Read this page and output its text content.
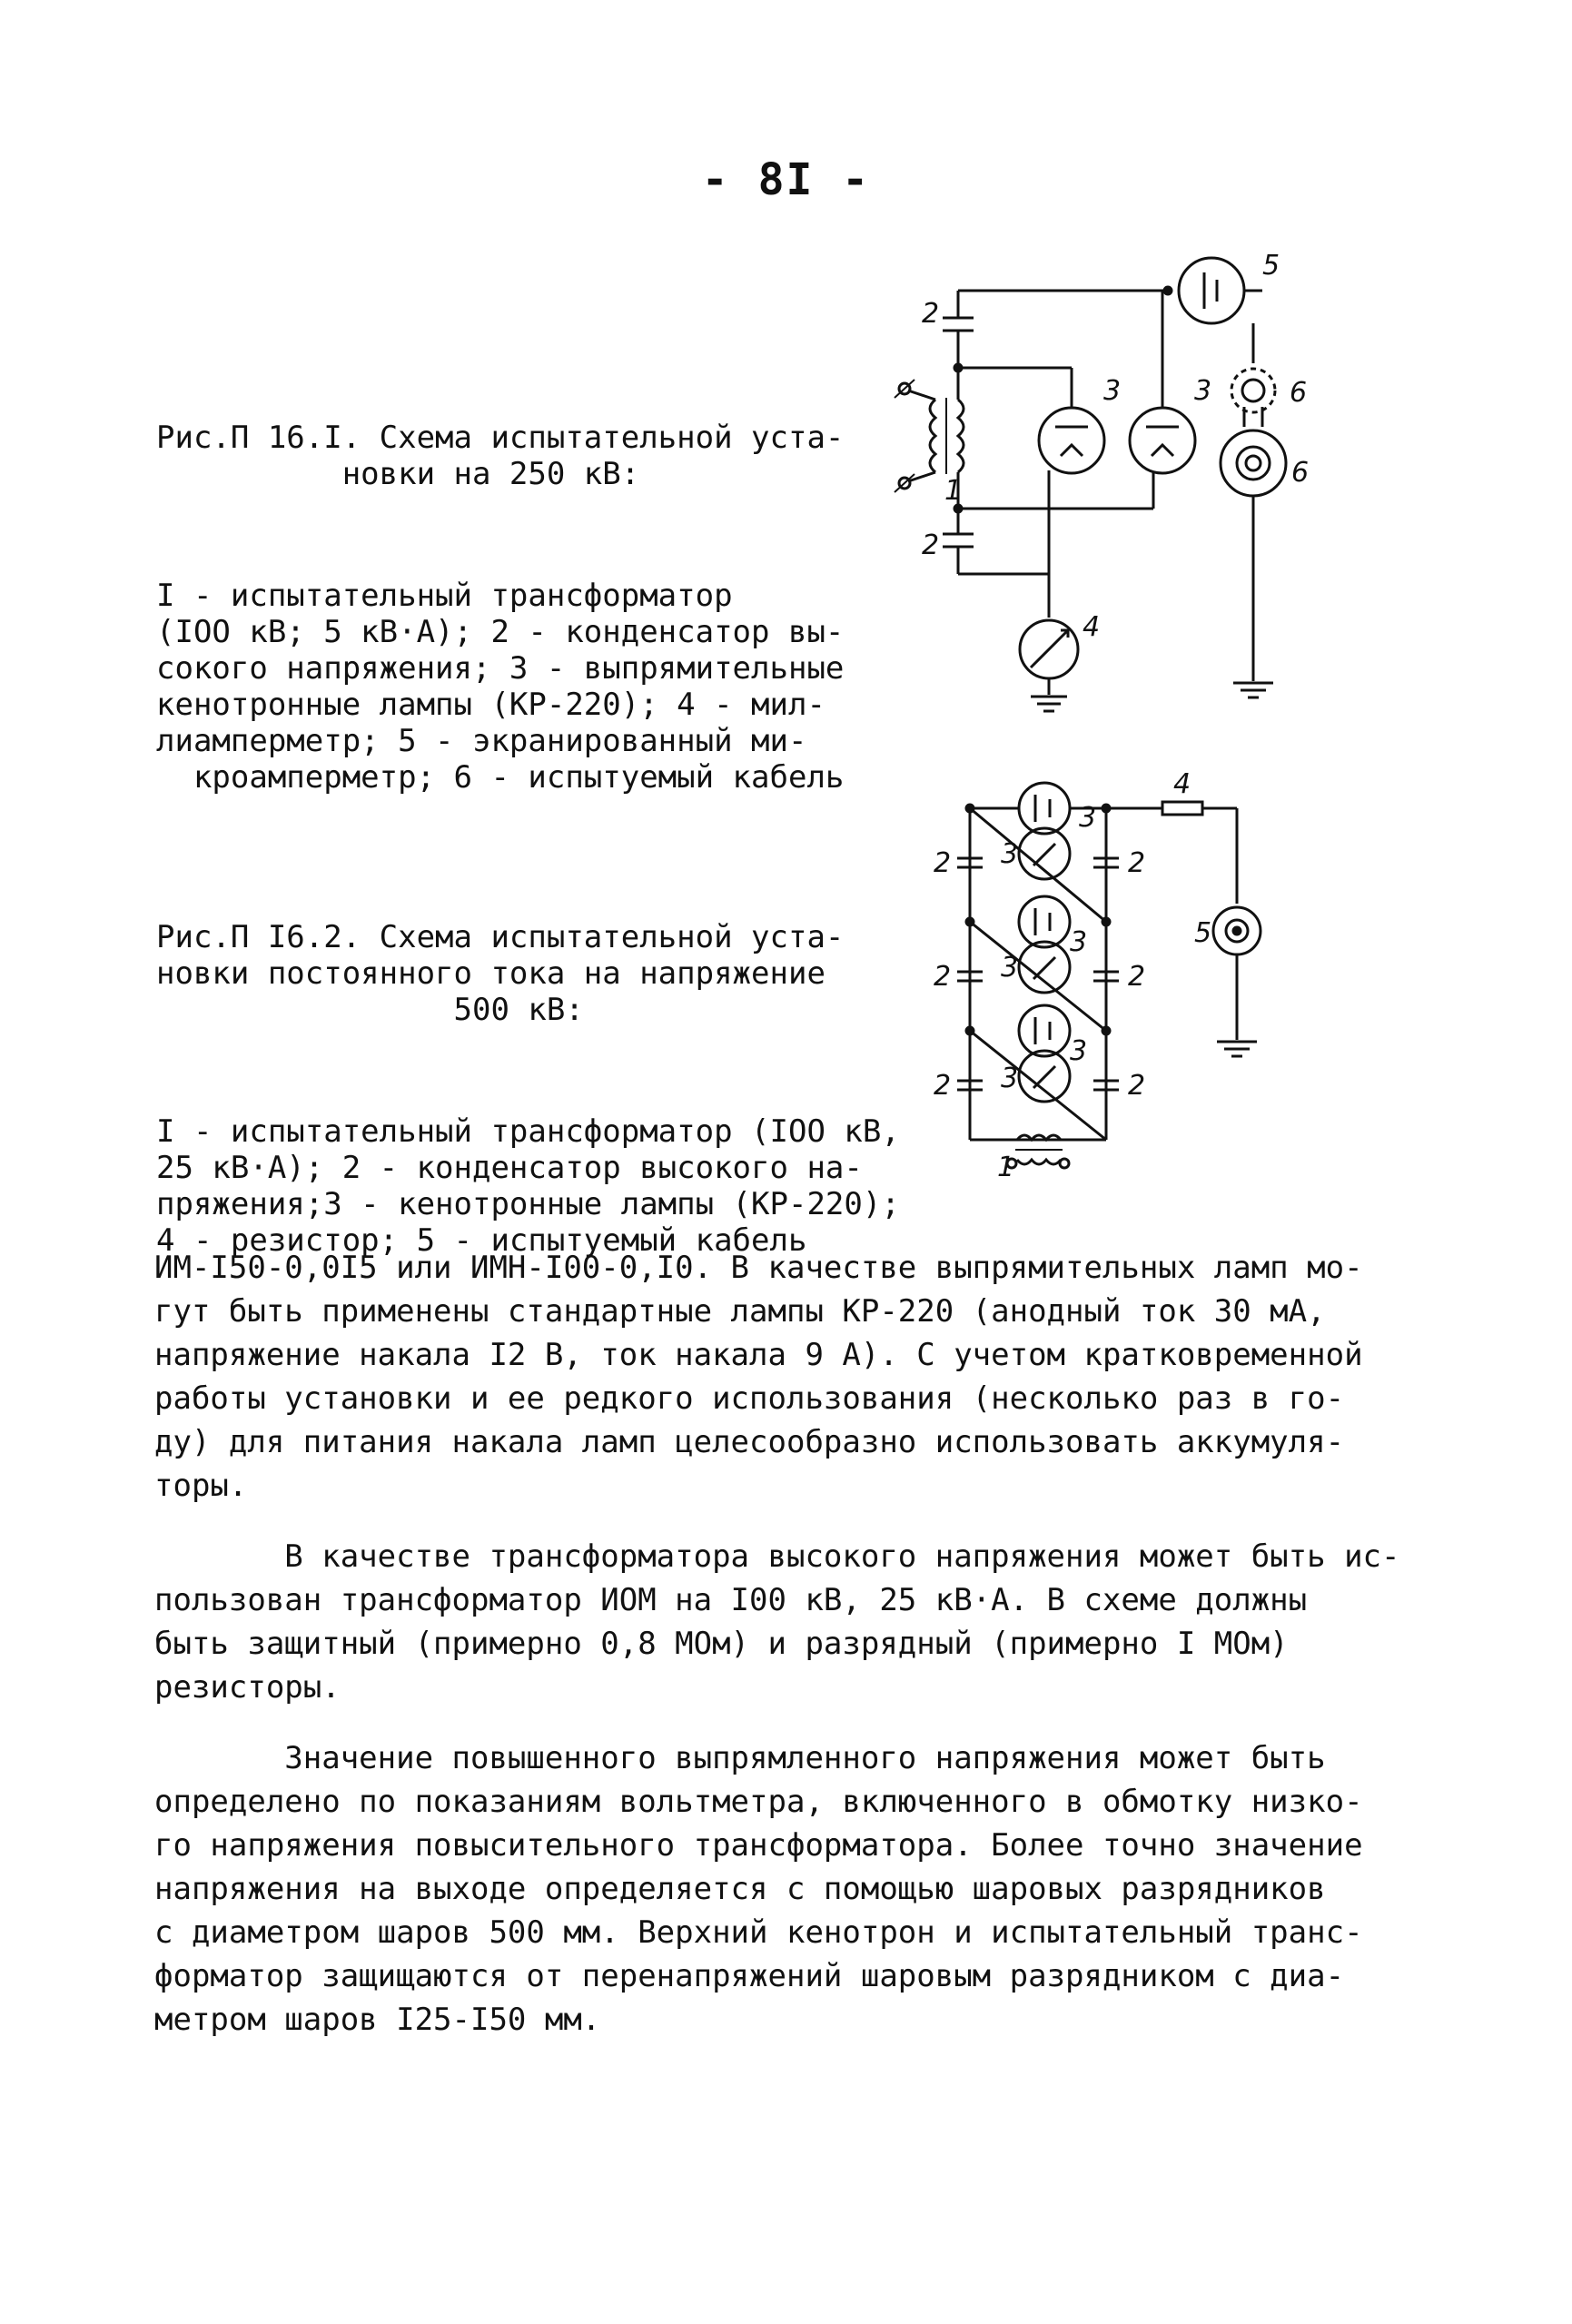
- 8I -

Рис.П 16.I. Схема испытательной уста-
новки на 250 кВ:

I - испытательный трансформатор
(IOO кВ; 5 кВ·А); 2 - конденсатор вы-
сокого напряжения; 3 - выпрямительные
кенотронные лампы (КР-220); 4 - мил-
лиамперметр; 5 - экранированный ми-
кроамперметр; 6 - испытуемый кабель

2
2
1
3	3
4
5
6
6

Рис.П I6.2. Схема испытательной уста-
новки постоянного тока на напряжение
500 кВ:

I - испытательный трансформатор (IOO кВ,
25 кВ·А); 2 - конденсатор высокого на-
пряжения;3 - кенотронные лампы (КР-220);
4 - резистор; 5 - испытуемый кабель

4
5
1
2
2
2
2
2
2
3
3
3
3
3
3

ИМ-I50-0,0I5 или ИМН-I00-0,I0. В качестве выпрямительных ламп мо-
гут быть применены стандартные лампы КР-220 (анодный ток 30 мА,
напряжение накала I2 В, ток накала 9 А). С учетом кратковременной
работы установки и ее редкого использования (несколько раз в го-
ду) для питания накала ламп целесообразно использовать аккумуля-
торы.

В качестве трансформатора высокого напряжения может быть ис-
пользован трансформатор ИОМ на I00 кВ, 25 кВ·А. В схеме должны
быть защитный (примерно 0,8 МОм) и разрядный (примерно I МОм)
резисторы.

Значение повышенного выпрямленного напряжения может быть
определено по показаниям вольтметра, включенного в обмотку низко-
го напряжения повысительного трансформатора. Более точно значение
напряжения на выходе определяется с помощью шаровых разрядников
с диаметром шаров 500 мм. Верхний кенотрон и испытательный транс-
форматор защищаются от перенапряжений шаровым разрядником с диа-
метром шаров I25-I50 мм.
